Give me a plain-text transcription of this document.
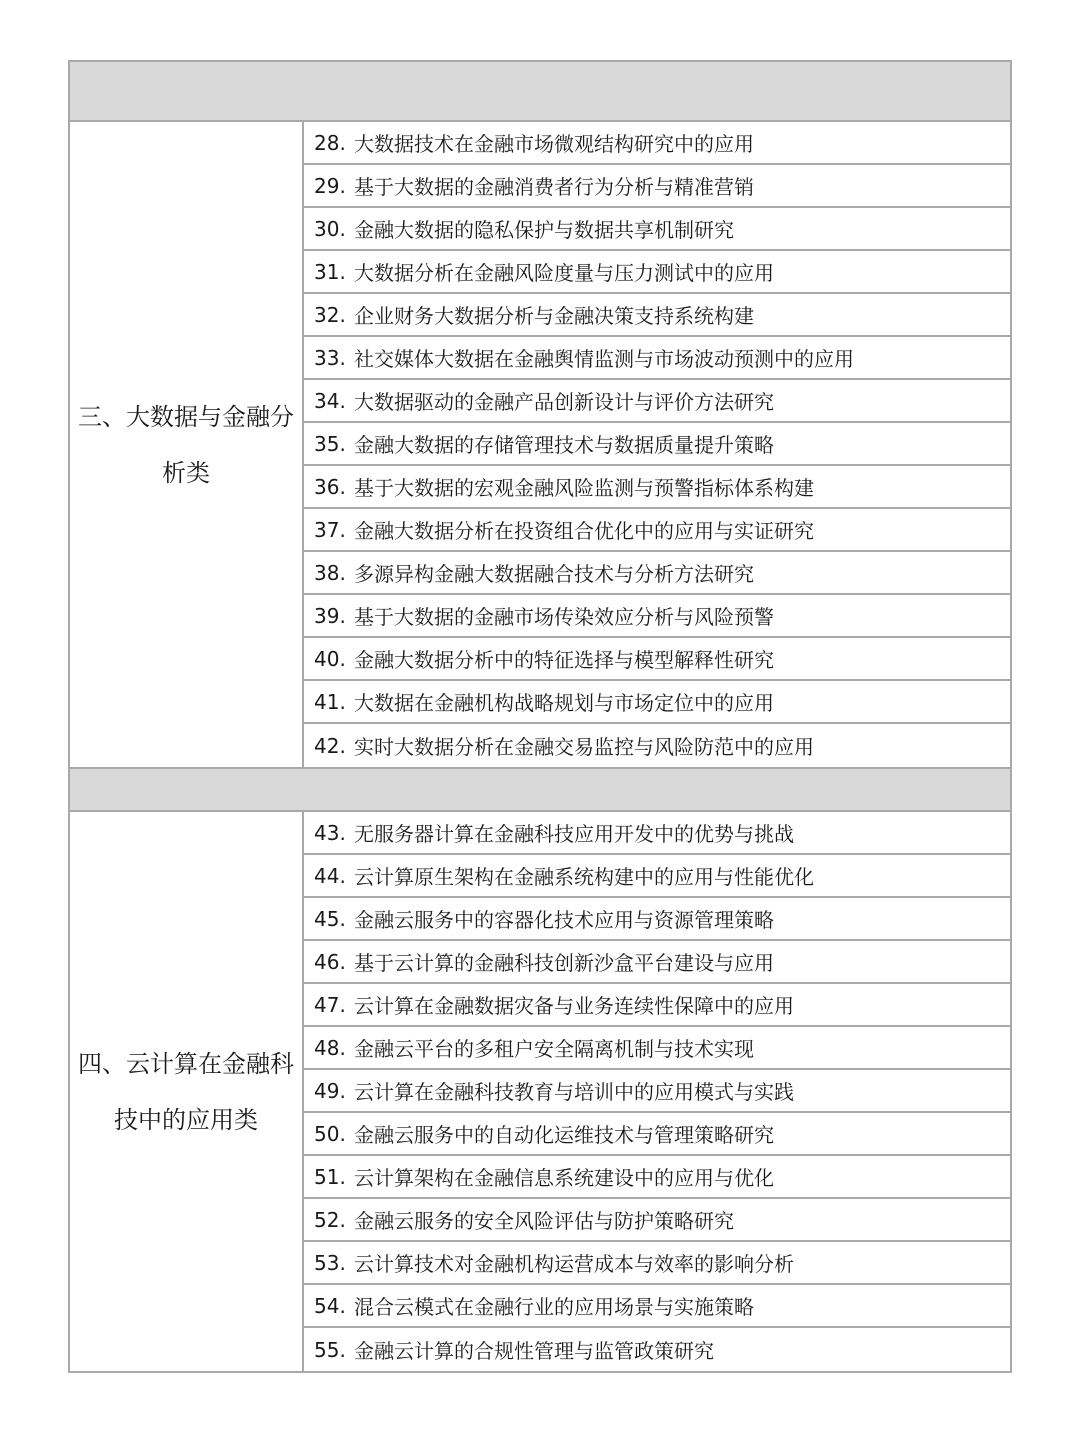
三、大数据与金融分析类
28. 大数据技术在金融市场微观结构研究中的应用
29. 基于大数据的金融消费者行为分析与精准营销
30. 金融大数据的隐私保护与数据共享机制研究
31. 大数据分析在金融风险度量与压力测试中的应用
32. 企业财务大数据分析与金融决策支持系统构建
33. 社交媒体大数据在金融舆情监测与市场波动预测中的应用
34. 大数据驱动的金融产品创新设计与评价方法研究
35. 金融大数据的存储管理技术与数据质量提升策略
36. 基于大数据的宏观金融风险监测与预警指标体系构建
37. 金融大数据分析在投资组合优化中的应用与实证研究
38. 多源异构金融大数据融合技术与分析方法研究
39. 基于大数据的金融市场传染效应分析与风险预警
40. 金融大数据分析中的特征选择与模型解释性研究
41. 大数据在金融机构战略规划与市场定位中的应用
42. 实时大数据分析在金融交易监控与风险防范中的应用
四、云计算在金融科技中的应用类
43. 无服务器计算在金融科技应用开发中的优势与挑战
44. 云计算原生架构在金融系统构建中的应用与性能优化
45. 金融云服务中的容器化技术应用与资源管理策略
46. 基于云计算的金融科技创新沙盒平台建设与应用
47. 云计算在金融数据灾备与业务连续性保障中的应用
48. 金融云平台的多租户安全隔离机制与技术实现
49. 云计算在金融科技教育与培训中的应用模式与实践
50. 金融云服务中的自动化运维技术与管理策略研究
51. 云计算架构在金融信息系统建设中的应用与优化
52. 金融云服务的安全风险评估与防护策略研究
53. 云计算技术对金融机构运营成本与效率的影响分析
54. 混合云模式在金融行业的应用场景与实施策略
55. 金融云计算的合规性管理与监管政策研究
